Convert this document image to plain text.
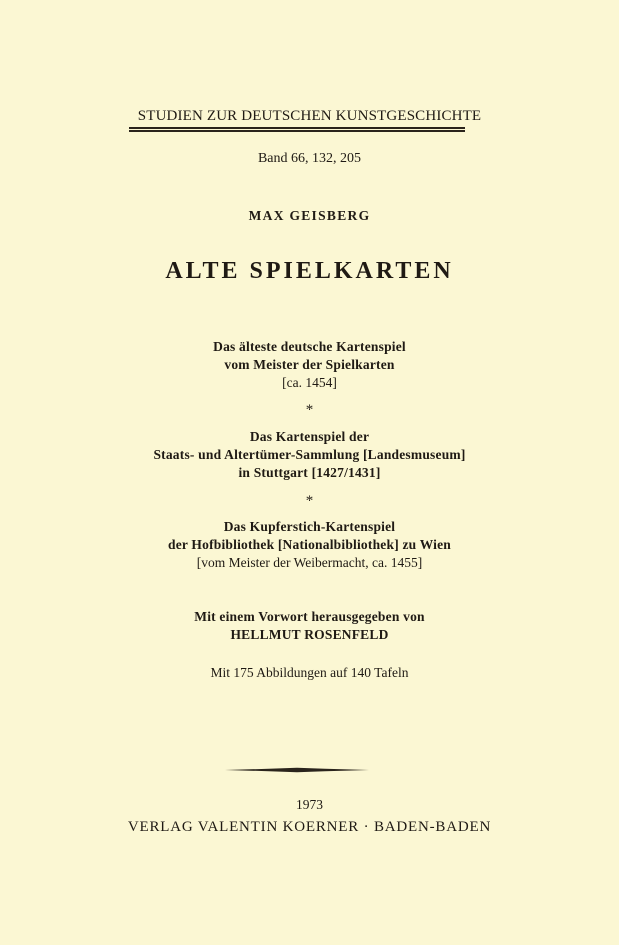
STUDIEN ZUR DEUTSCHEN KUNSTGESCHICHTE
Band 66, 132, 205
MAX GEISBERG
ALTE SPIELKARTEN
Das älteste deutsche Kartenspiel
vom Meister der Spielkarten
[ca. 1454]
*
Das Kartenspiel der
Staats- und Altertümer-Sammlung [Landesmuseum]
in Stuttgart [1427/1431]
*
Das Kupferstich-Kartenspiel
der Hofbibliothek [Nationalbibliothek] zu Wien
[vom Meister der Weibermacht, ca. 1455]
Mit einem Vorwort herausgegeben von
HELLMUT ROSENFELD
Mit 175 Abbildungen auf 140 Tafeln
1973
VERLAG VALENTIN KOERNER · BADEN-BADEN
